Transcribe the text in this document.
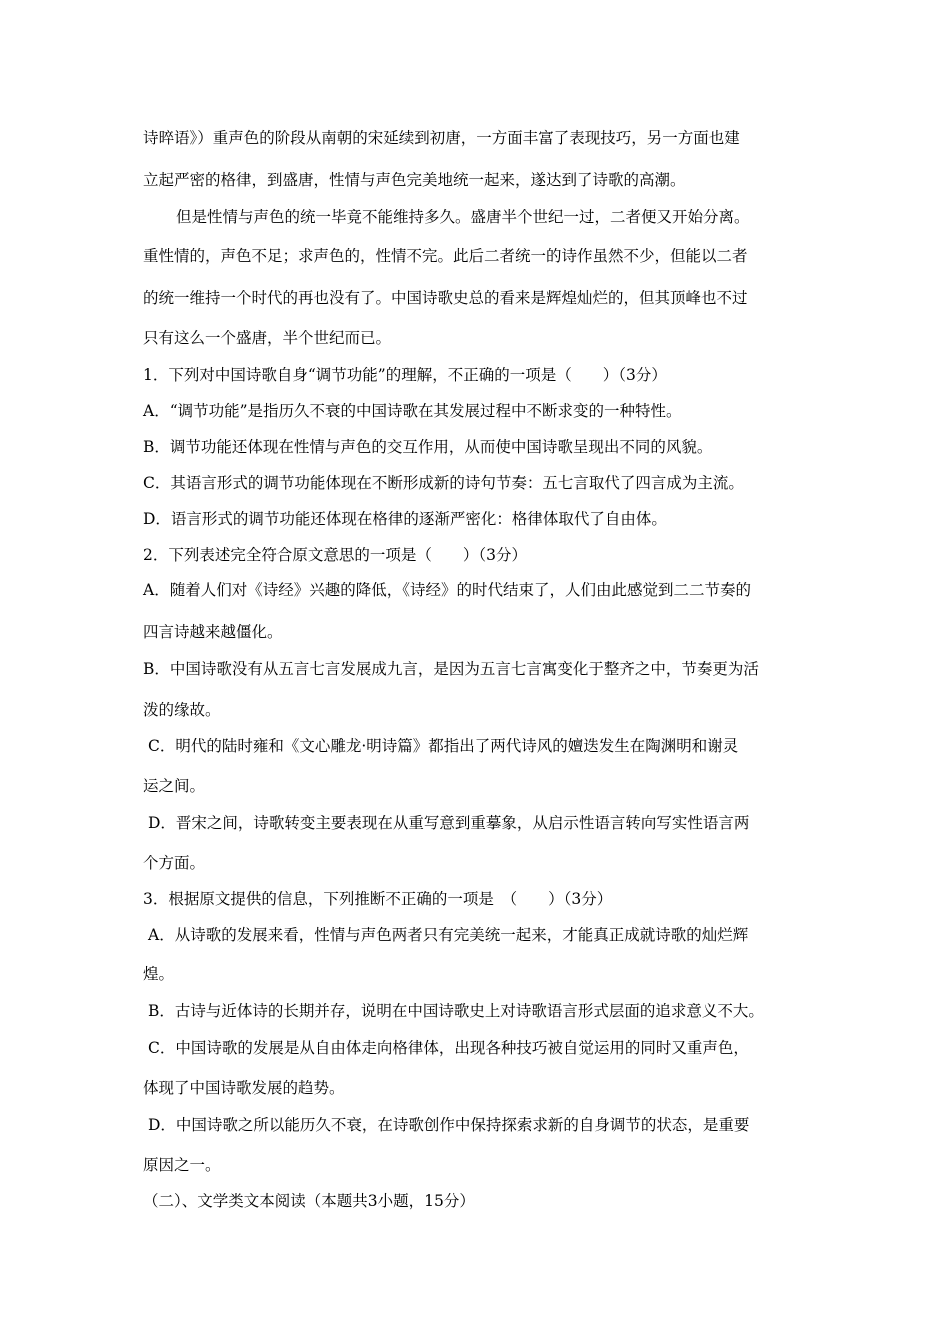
诗晬语》）重声色的阶段从南朝的宋延续到初唐，一方面丰富了表现技巧，另一方面也建
立起严密的格律，到盛唐，性情与声色完美地统一起来，遂达到了诗歌的高潮。
但是性情与声色的统一毕竟不能维持多久。盛唐半个世纪一过，二者便又开始分离。
重性情的，声色不足；求声色的，性情不完。此后二者统一的诗作虽然不少，但能以二者
的统一维持一个时代的再也没有了。中国诗歌史总的看来是辉煌灿烂的，但其顶峰也不过
只有这么一个盛唐，半个世纪而已。
1．下列对中国诗歌自身“调节功能”的理解，不正确的一项是（　　）（3分）
A．“调节功能”是指历久不衰的中国诗歌在其发展过程中不断求变的一种特性。
B．调节功能还体现在性情与声色的交互作用，从而使中国诗歌呈现出不同的风貌。
C．其语言形式的调节功能体现在不断形成新的诗句节奏：五七言取代了四言成为主流。
D．语言形式的调节功能还体现在格律的逐渐严密化：格律体取代了自由体。
2．下列表述完全符合原文意思的一项是（　　）（3分）
A．随着人们对《诗经》兴趣的降低，《诗经》的时代结束了，人们由此感觉到二二节奏的
四言诗越来越僵化。
B．中国诗歌没有从五言七言发展成九言，是因为五言七言寓变化于整齐之中，节奏更为活
泼的缘故。
C．明代的陆时雍和《文心雕龙·明诗篇》都指出了两代诗风的嬗迭发生在陶渊明和谢灵
运之间。
D．晋宋之间，诗歌转变主要表现在从重写意到重摹象，从启示性语言转向写实性语言两
个方面。
3．根据原文提供的信息，下列推断不正确的一项是　（　　）（3分）
A．从诗歌的发展来看，性情与声色两者只有完美统一起来，才能真正成就诗歌的灿烂辉
煌。
B．古诗与近体诗的长期并存，说明在中国诗歌史上对诗歌语言形式层面的追求意义不大。
C．中国诗歌的发展是从自由体走向格律体，出现各种技巧被自觉运用的同时又重声色，
体现了中国诗歌发展的趋势。
D．中国诗歌之所以能历久不衰，在诗歌创作中保持探索求新的自身调节的状态，是重要
原因之一。
（二）、文学类文本阅读（本题共3小题，15分）
